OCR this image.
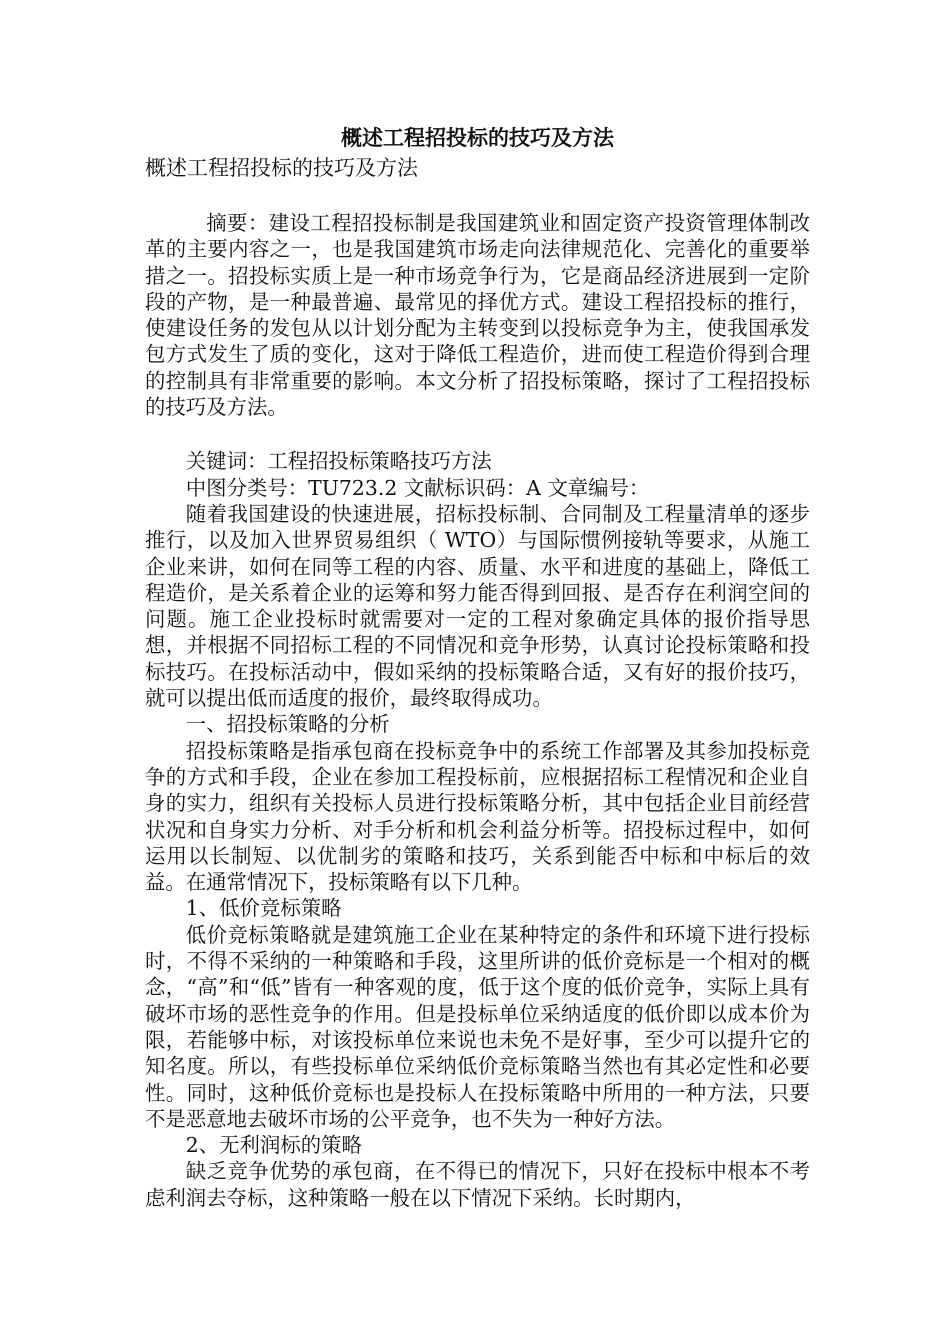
概述工程招投标的技巧及方法

概述工程招投标的技巧及方法

摘要：建设工程招投标制是我国建筑业和固定资产投资管理体制改革的主要内容之一，也是我国建筑市场走向法律规范化、完善化的重要举措之一。招投标实质上是一种市场竞争行为，它是商品经济进展到一定阶段的产物，是一种最普遍、最常见的择优方式。建设工程招投标的推行，使建设任务的发包从以计划分配为主转变到以投标竞争为主，使我国承发包方式发生了质的变化，这对于降低工程造价，进而使工程造价得到合理的控制具有非常重要的影响。本文分析了招投标策略，探讨了工程招投标的技巧及方法。

关键词：工程招投标策略技巧方法

中图分类号：TU723.2 文献标识码：A 文章编号：

随着我国建设的快速进展，招标投标制、合同制及工程量清单的逐步推行，以及加入世界贸易组织（ WTO）与国际惯例接轨等要求，从施工企业来讲，如何在同等工程的内容、质量、水平和进度的基础上，降低工程造价，是关系着企业的运筹和努力能否得到回报、是否存在利润空间的问题。施工企业投标时就需要对一定的工程对象确定具体的报价指导思想，并根据不同招标工程的不同情况和竞争形势，认真讨论投标策略和投标技巧。在投标活动中，假如采纳的投标策略合适，又有好的报价技巧，就可以提出低而适度的报价，最终取得成功。

一、招投标策略的分析

招投标策略是指承包商在投标竞争中的系统工作部署及其参加投标竞争的方式和手段，企业在参加工程投标前，应根据招标工程情况和企业自身的实力，组织有关投标人员进行投标策略分析，其中包括企业目前经营状况和自身实力分析、对手分析和机会利益分析等。招投标过程中，如何运用以长制短、以优制劣的策略和技巧，关系到能否中标和中标后的效益。在通常情况下，投标策略有以下几种。

1、低价竞标策略

低价竞标策略就是建筑施工企业在某种特定的条件和环境下进行投标时，不得不采纳的一种策略和手段，这里所讲的低价竞标是一个相对的概念，“高”和“低”皆有一种客观的度，低于这个度的低价竞争，实际上具有破坏市场的恶性竞争的作用。但是投标单位采纳适度的低价即以成本价为限，若能够中标，对该投标单位来说也未免不是好事，至少可以提升它的知名度。所以，有些投标单位采纳低价竞标策略当然也有其必定性和必要性。同时，这种低价竞标也是投标人在投标策略中所用的一种方法，只要不是恶意地去破坏市场的公平竞争，也不失为一种好方法。

2、无利润标的策略

缺乏竞争优势的承包商，在不得已的情况下，只好在投标中根本不考虑利润去夺标，这种策略一般在以下情况下采纳。长时期内，
